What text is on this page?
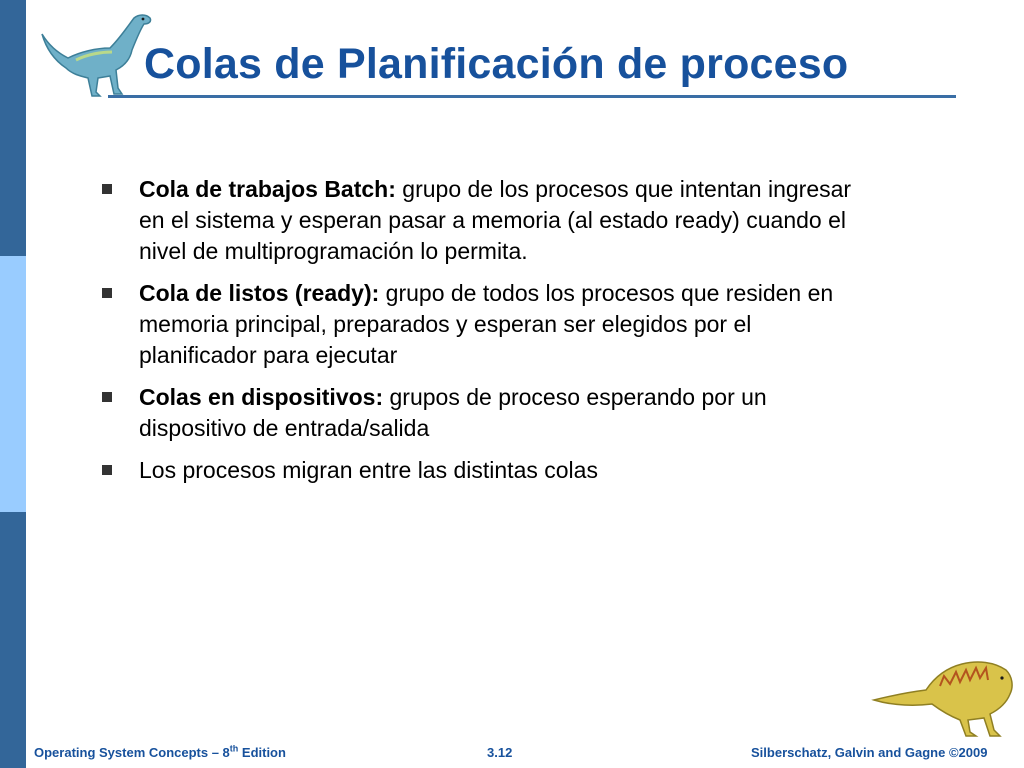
Colas de Planificación de proceso
Cola de trabajos Batch: grupo de los procesos que intentan ingresar en el sistema y esperan pasar a memoria (al estado ready) cuando el nivel de multiprogramación lo permita.
Cola de listos (ready): grupo de todos los procesos que residen en memoria principal, preparados y esperan ser elegidos por el planificador para ejecutar
Colas en dispositivos: grupos de proceso esperando por un dispositivo de entrada/salida
Los procesos migran entre las distintas colas
Operating System Concepts – 8th Edition	3.12	Silberschatz, Galvin and Gagne ©2009
